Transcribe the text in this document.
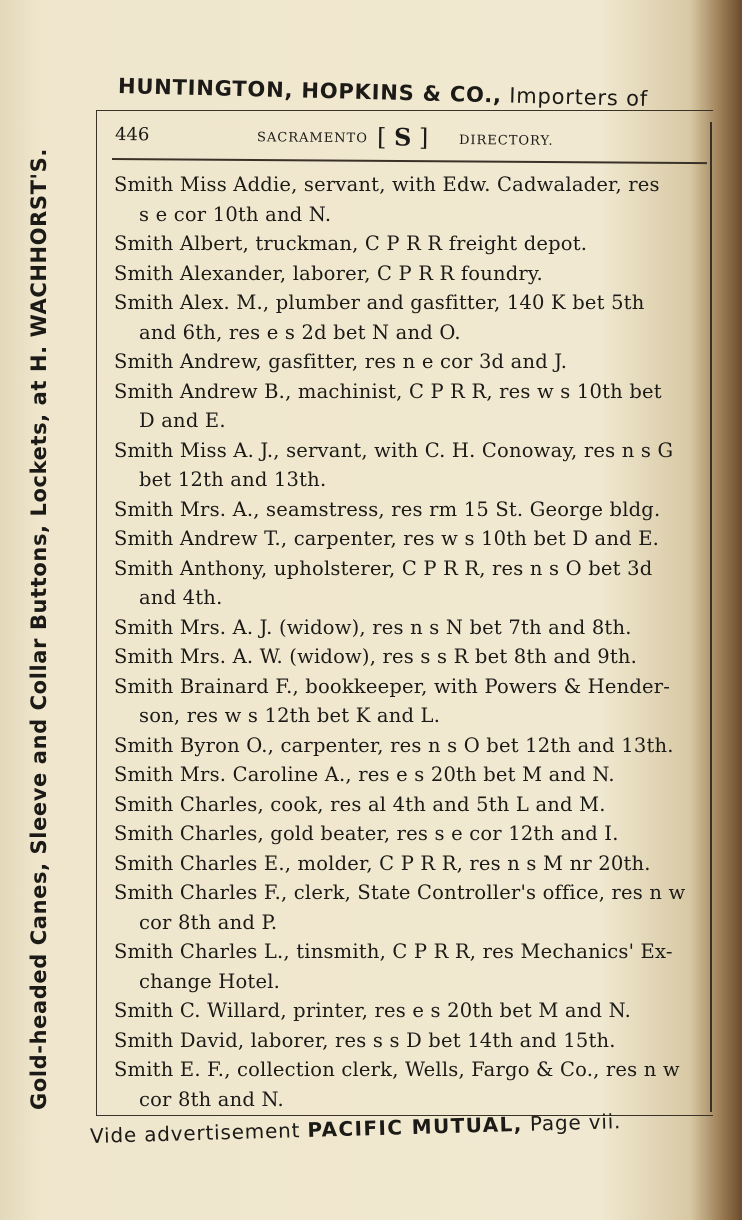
HUNTINGTON, HOPKINS & CO., Importers of
Gold-headed Canes, Sleeve and Collar Buttons, Lockets, at H. WACHHORST'S.
446	SACRAMENTO [ S ] DIRECTORY.
Smith Miss Addie, servant, with Edw. Cadwalader, res
s e cor 10th and N.
Smith Albert, truckman, C P R R freight depot.
Smith Alexander, laborer, C P R R foundry.
Smith Alex. M., plumber and gasfitter, 140 K bet 5th
and 6th, res e s 2d bet N and O.
Smith Andrew, gasfitter, res n e cor 3d and J.
Smith Andrew B., machinist, C P R R, res w s 10th bet
D and E.
Smith Miss A. J., servant, with C. H. Conoway, res n s G
bet 12th and 13th.
Smith Mrs. A., seamstress, res rm 15 St. George bldg.
Smith Andrew T., carpenter, res w s 10th bet D and E.
Smith Anthony, upholsterer, C P R R, res n s O bet 3d
and 4th.
Smith Mrs. A. J. (widow), res n s N bet 7th and 8th.
Smith Mrs. A. W. (widow), res s s R bet 8th and 9th.
Smith Brainard F., bookkeeper, with Powers & Hender-
son, res w s 12th bet K and L.
Smith Byron O., carpenter, res n s O bet 12th and 13th.
Smith Mrs. Caroline A., res e s 20th bet M and N.
Smith Charles, cook, res al 4th and 5th L and M.
Smith Charles, gold beater, res s e cor 12th and I.
Smith Charles E., molder, C P R R, res n s M nr 20th.
Smith Charles F., clerk, State Controller's office, res n w
cor 8th and P.
Smith Charles L., tinsmith, C P R R, res Mechanics' Ex-
change Hotel.
Smith C. Willard, printer, res e s 20th bet M and N.
Smith David, laborer, res s s D bet 14th and 15th.
Smith E. F., collection clerk, Wells, Fargo & Co., res n w
cor 8th and N.
Vide advertisement PACIFIC MUTUAL, Page vii.
